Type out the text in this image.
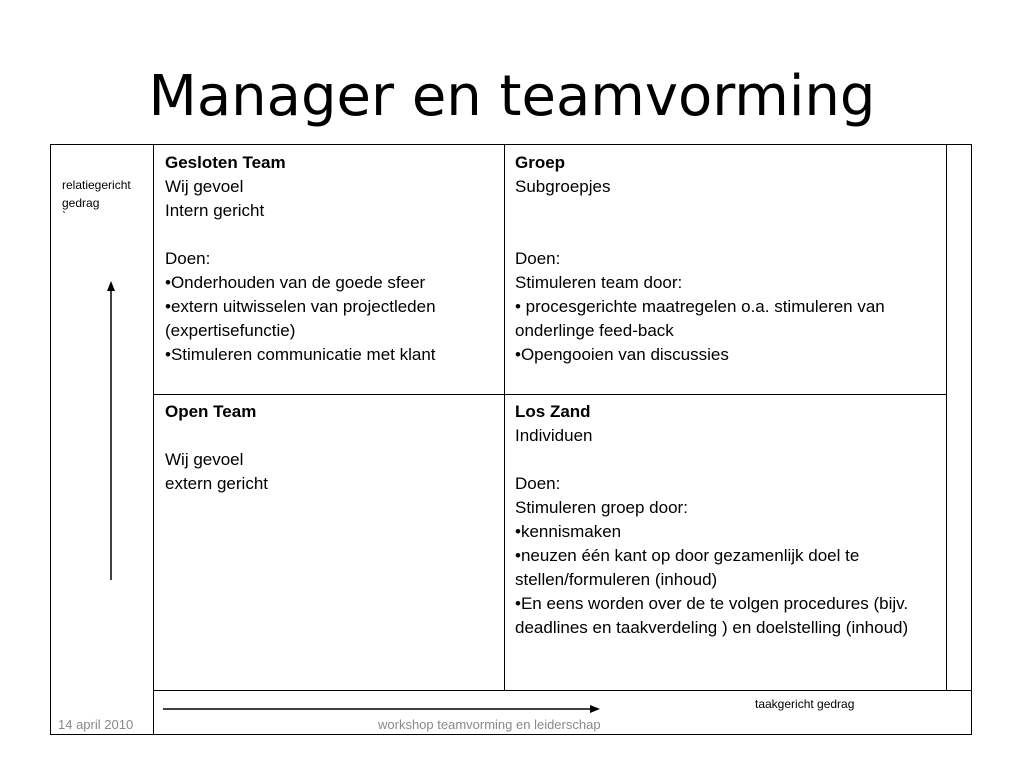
Manager en teamvorming
relatiegericht
gedrag
`

Gesloten Team

Wij gevoel

Intern gericht

Doen:

•Onderhouden van de goede sfeer

•extern uitwisselen van projectleden (expertisefunctie)

•Stimuleren communicatie met klant

Groep

Subgroepjes

Doen:

Stimuleren team door:

• procesgerichte maatregelen o.a. stimuleren van onderlinge feed-back

•Opengooien van discussies

Open Team

Wij gevoel

extern gericht

Los Zand

Individuen

Doen:

Stimuleren groep door:

•kennismaken

•neuzen één kant op door gezamenlijk doel te stellen/formuleren (inhoud)

•En eens worden over de te volgen procedures (bijv. deadlines en taakverdeling ) en doelstelling (inhoud)

taakgericht gedrag
14 april 2010	workshop teamvorming en leiderschap
